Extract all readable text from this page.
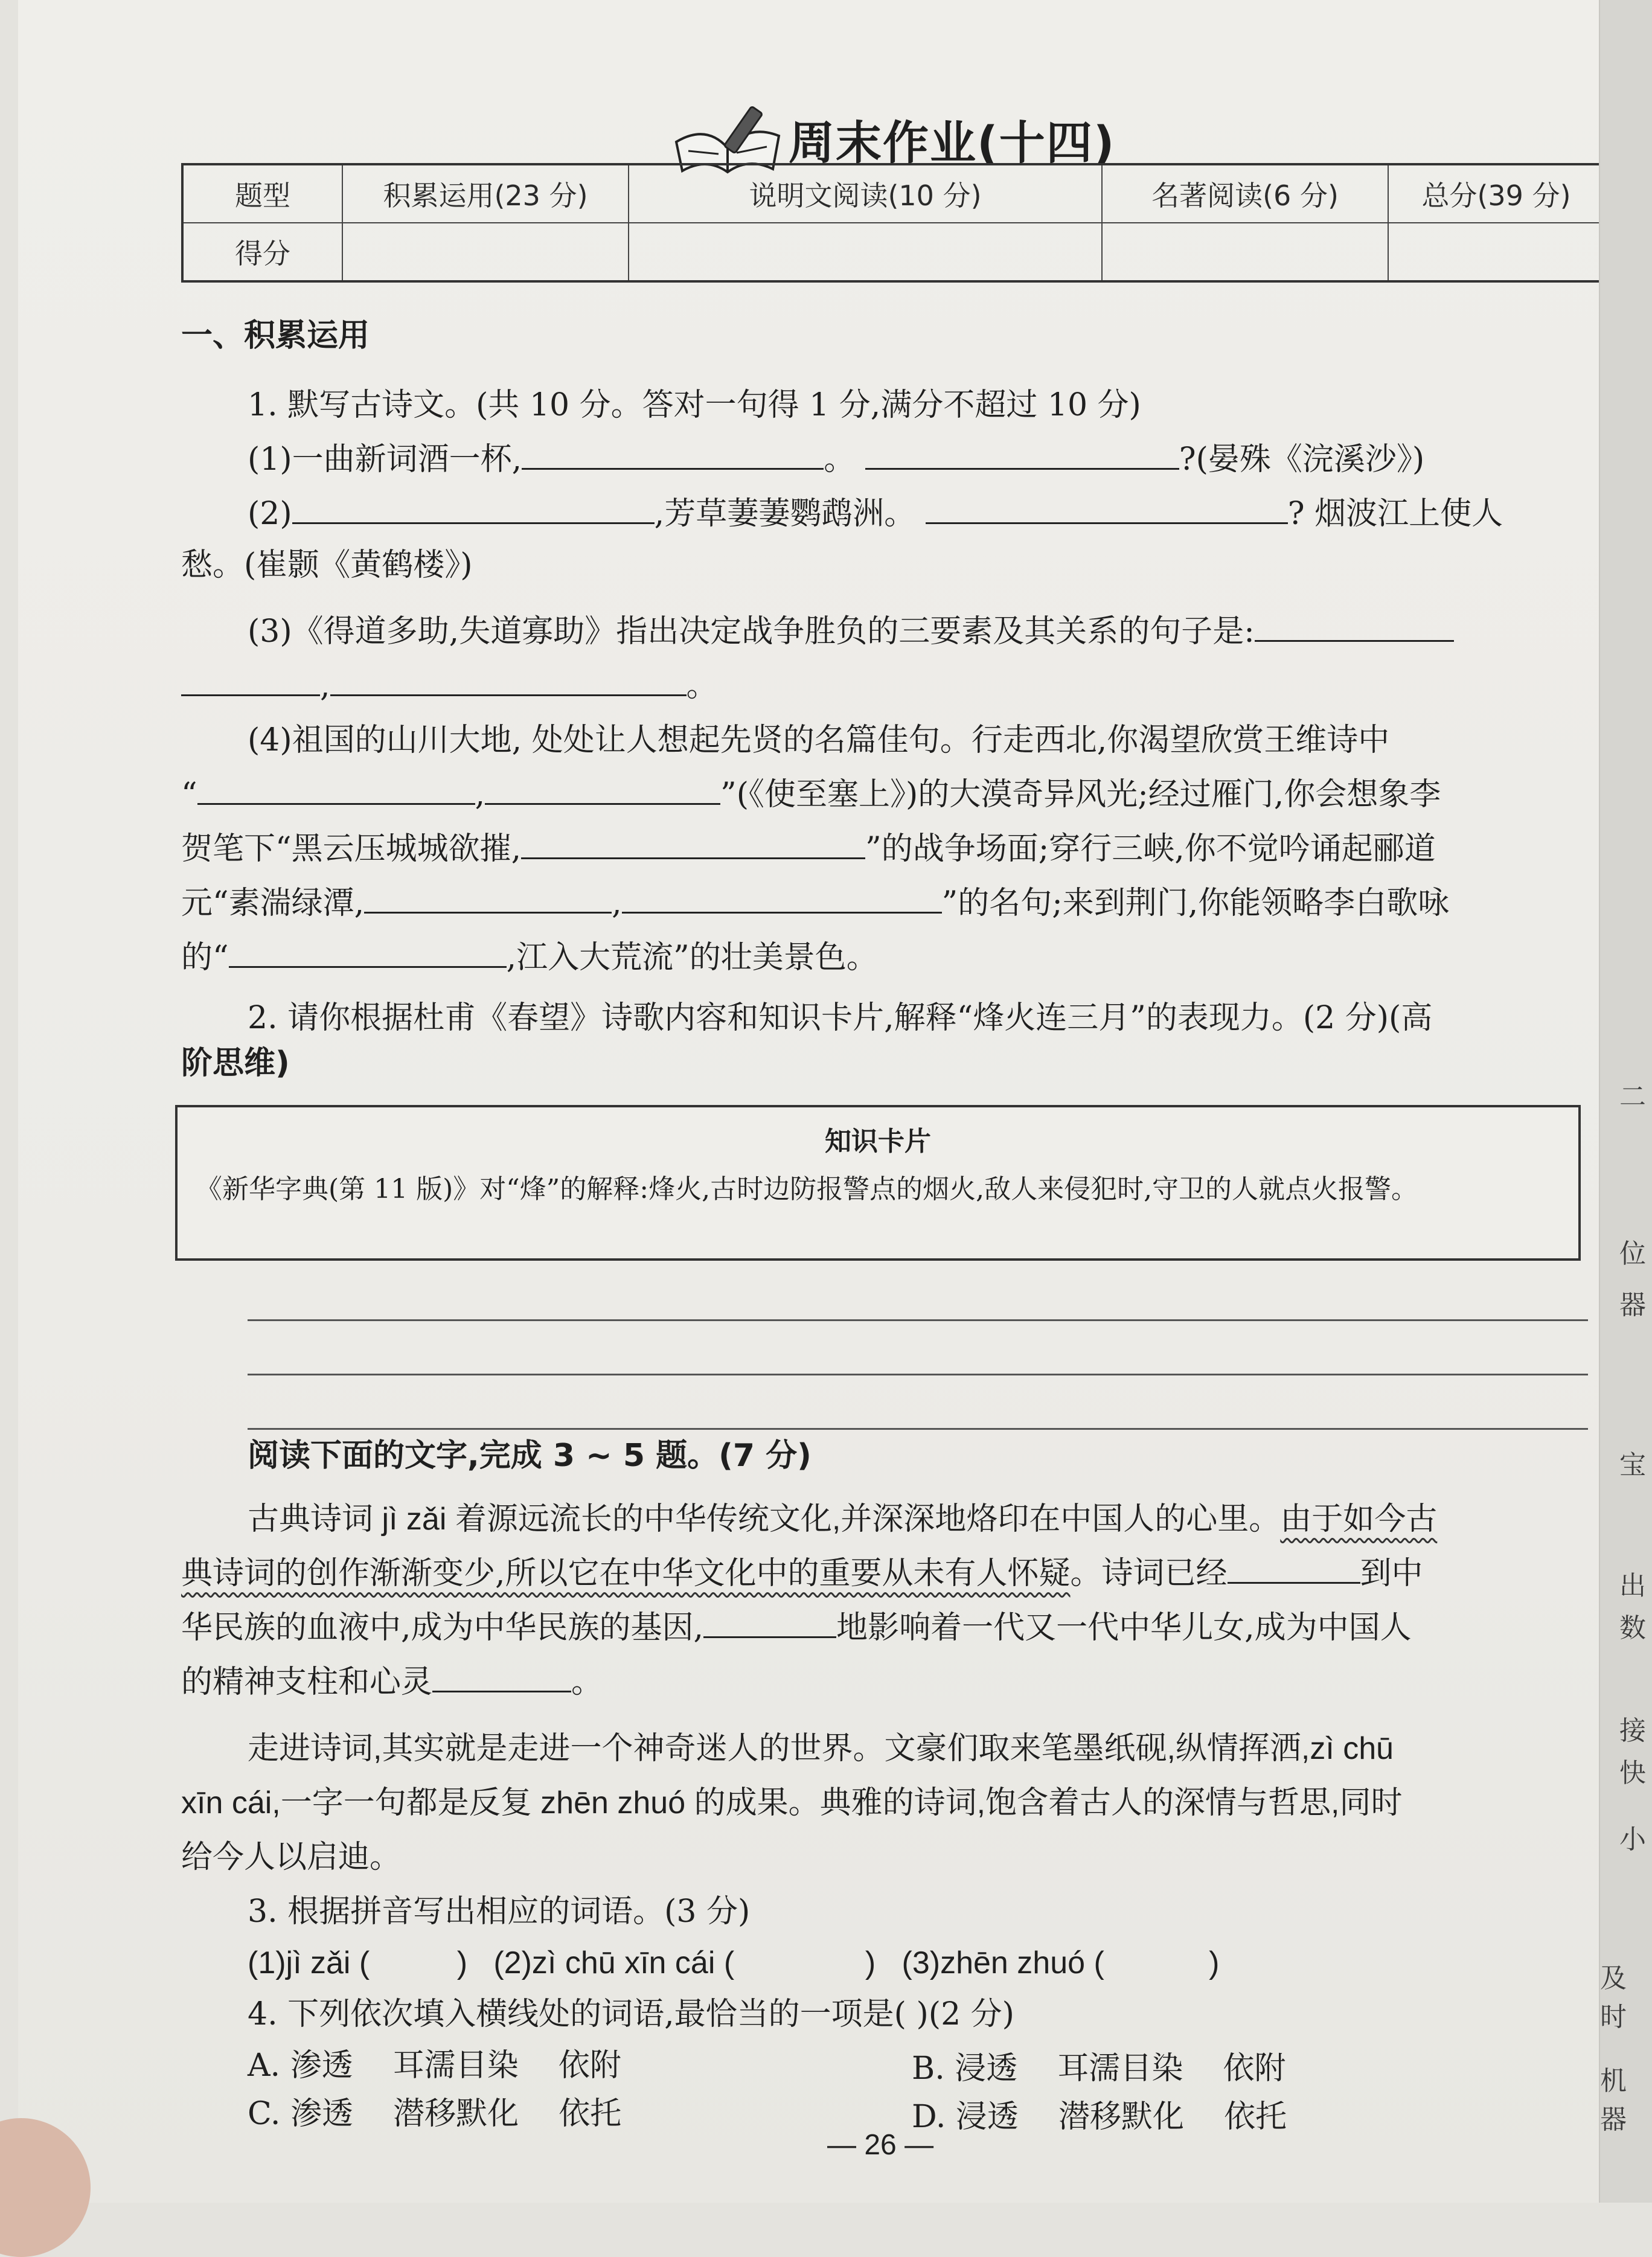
周末作业(十四)
题型	积累运用(23 分)	说明文阅读(10 分)	名著阅读(6 分)	总分(39 分)
得分				
一、积累运用
1. 默写古诗文。(共 10 分。答对一句得 1 分,满分不超过 10 分)
(1)一曲新词酒一杯,	。	?(晏殊《浣溪沙》)
(2)	,芳草萋萋鹦鹉洲。	? 烟波江上使人
愁。(崔颢《黄鹤楼》)
(3)《得道多助,失道寡助》指出决定战争胜负的三要素及其关系的句子是:
,	。
(4)祖国的山川大地, 处处让人想起先贤的名篇佳句。行走西北,你渴望欣赏王维诗中
“	,	”(《使至塞上》)的大漠奇异风光;经过雁门,你会想象李
贺笔下“黑云压城城欲摧,	”的战争场面;穿行三峡,你不觉吟诵起郦道
元“素湍绿潭,	,	”的名句;来到荆门,你能领略李白歌咏
的“	,江入大荒流”的壮美景色。
2. 请你根据杜甫《春望》诗歌内容和知识卡片,解释“烽火连三月”的表现力。(2 分)(高
阶思维)
知识卡片
《新华字典(第 11 版)》对“烽”的解释:烽火,古时边防报警点的烟火,敌人来侵犯时,守卫的人就点火报警。
阅读下面的文字,完成 3 ~ 5 题。(7 分)
古典诗词 jì zǎi 着源远流长的中华传统文化,并深深地烙印在中国人的心里。由于如今古
典诗词的创作渐渐变少,所以它在中华文化中的重要从未有人怀疑。诗词已经	到中
华民族的血液中,成为中华民族的基因,	地影响着一代又一代中华儿女,成为中国人
的精神支柱和心灵	。
走进诗词,其实就是走进一个神奇迷人的世界。文豪们取来笔墨纸砚,纵情挥洒,zì chū
xīn cái,一字一句都是反复 zhēn zhuó 的成果。典雅的诗词,饱含着古人的深情与哲思,同时
给今人以启迪。
3. 根据拼音写出相应的词语。(3 分)
(1)jì zǎi (          )   (2)zì chū xīn cái (               )   (3)zhēn zhuó (            )
4. 下列依次填入横线处的词语,最恰当的一项是( )(2 分)
A. 渗透    耳濡目染    依附	B. 浸透    耳濡目染    依附
C. 渗透    潜移默化    依托	D. 浸透    潜移默化    依托
— 26 —
二
位
器
宝
出
数
接
快
小
及时
机器
